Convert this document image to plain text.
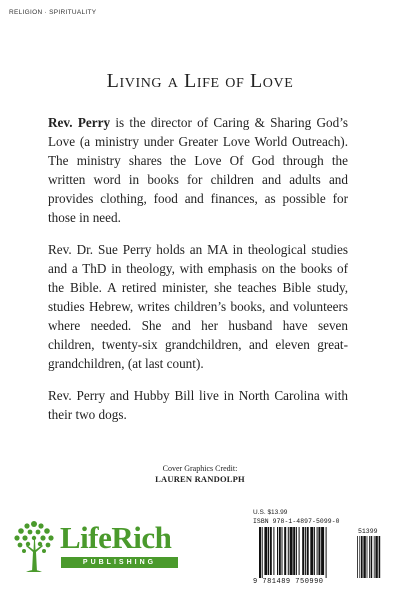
RELIGION · SPIRITUALITY
Living a Life of Love

Rev. Perry is the director of Caring & Sharing God’s Love (a ministry under Greater Love World Outreach). The ministry shares the Love Of God through the written word in books for children and adults and provides clothing, food and finances, as possible for those in need.

Rev. Dr. Sue Perry holds an MA in theological studies and a ThD in theology, with emphasis on the books of the Bible. A retired minister, she teaches Bible study, studies Hebrew, writes children’s books, and volunteers where needed. She and her husband have seven children, twenty-six grandchildren, and eleven great-grandchildren, (at last count).

Rev. Perry and Hubby Bill live in North Carolina with their two dogs.

Cover Graphics Credit:
LAUREN RANDOLPH
LifeRich
PUBLISHING
U.S. $13.99
ISBN 978-1-4897-5099-0
51399
9 781489 750990
